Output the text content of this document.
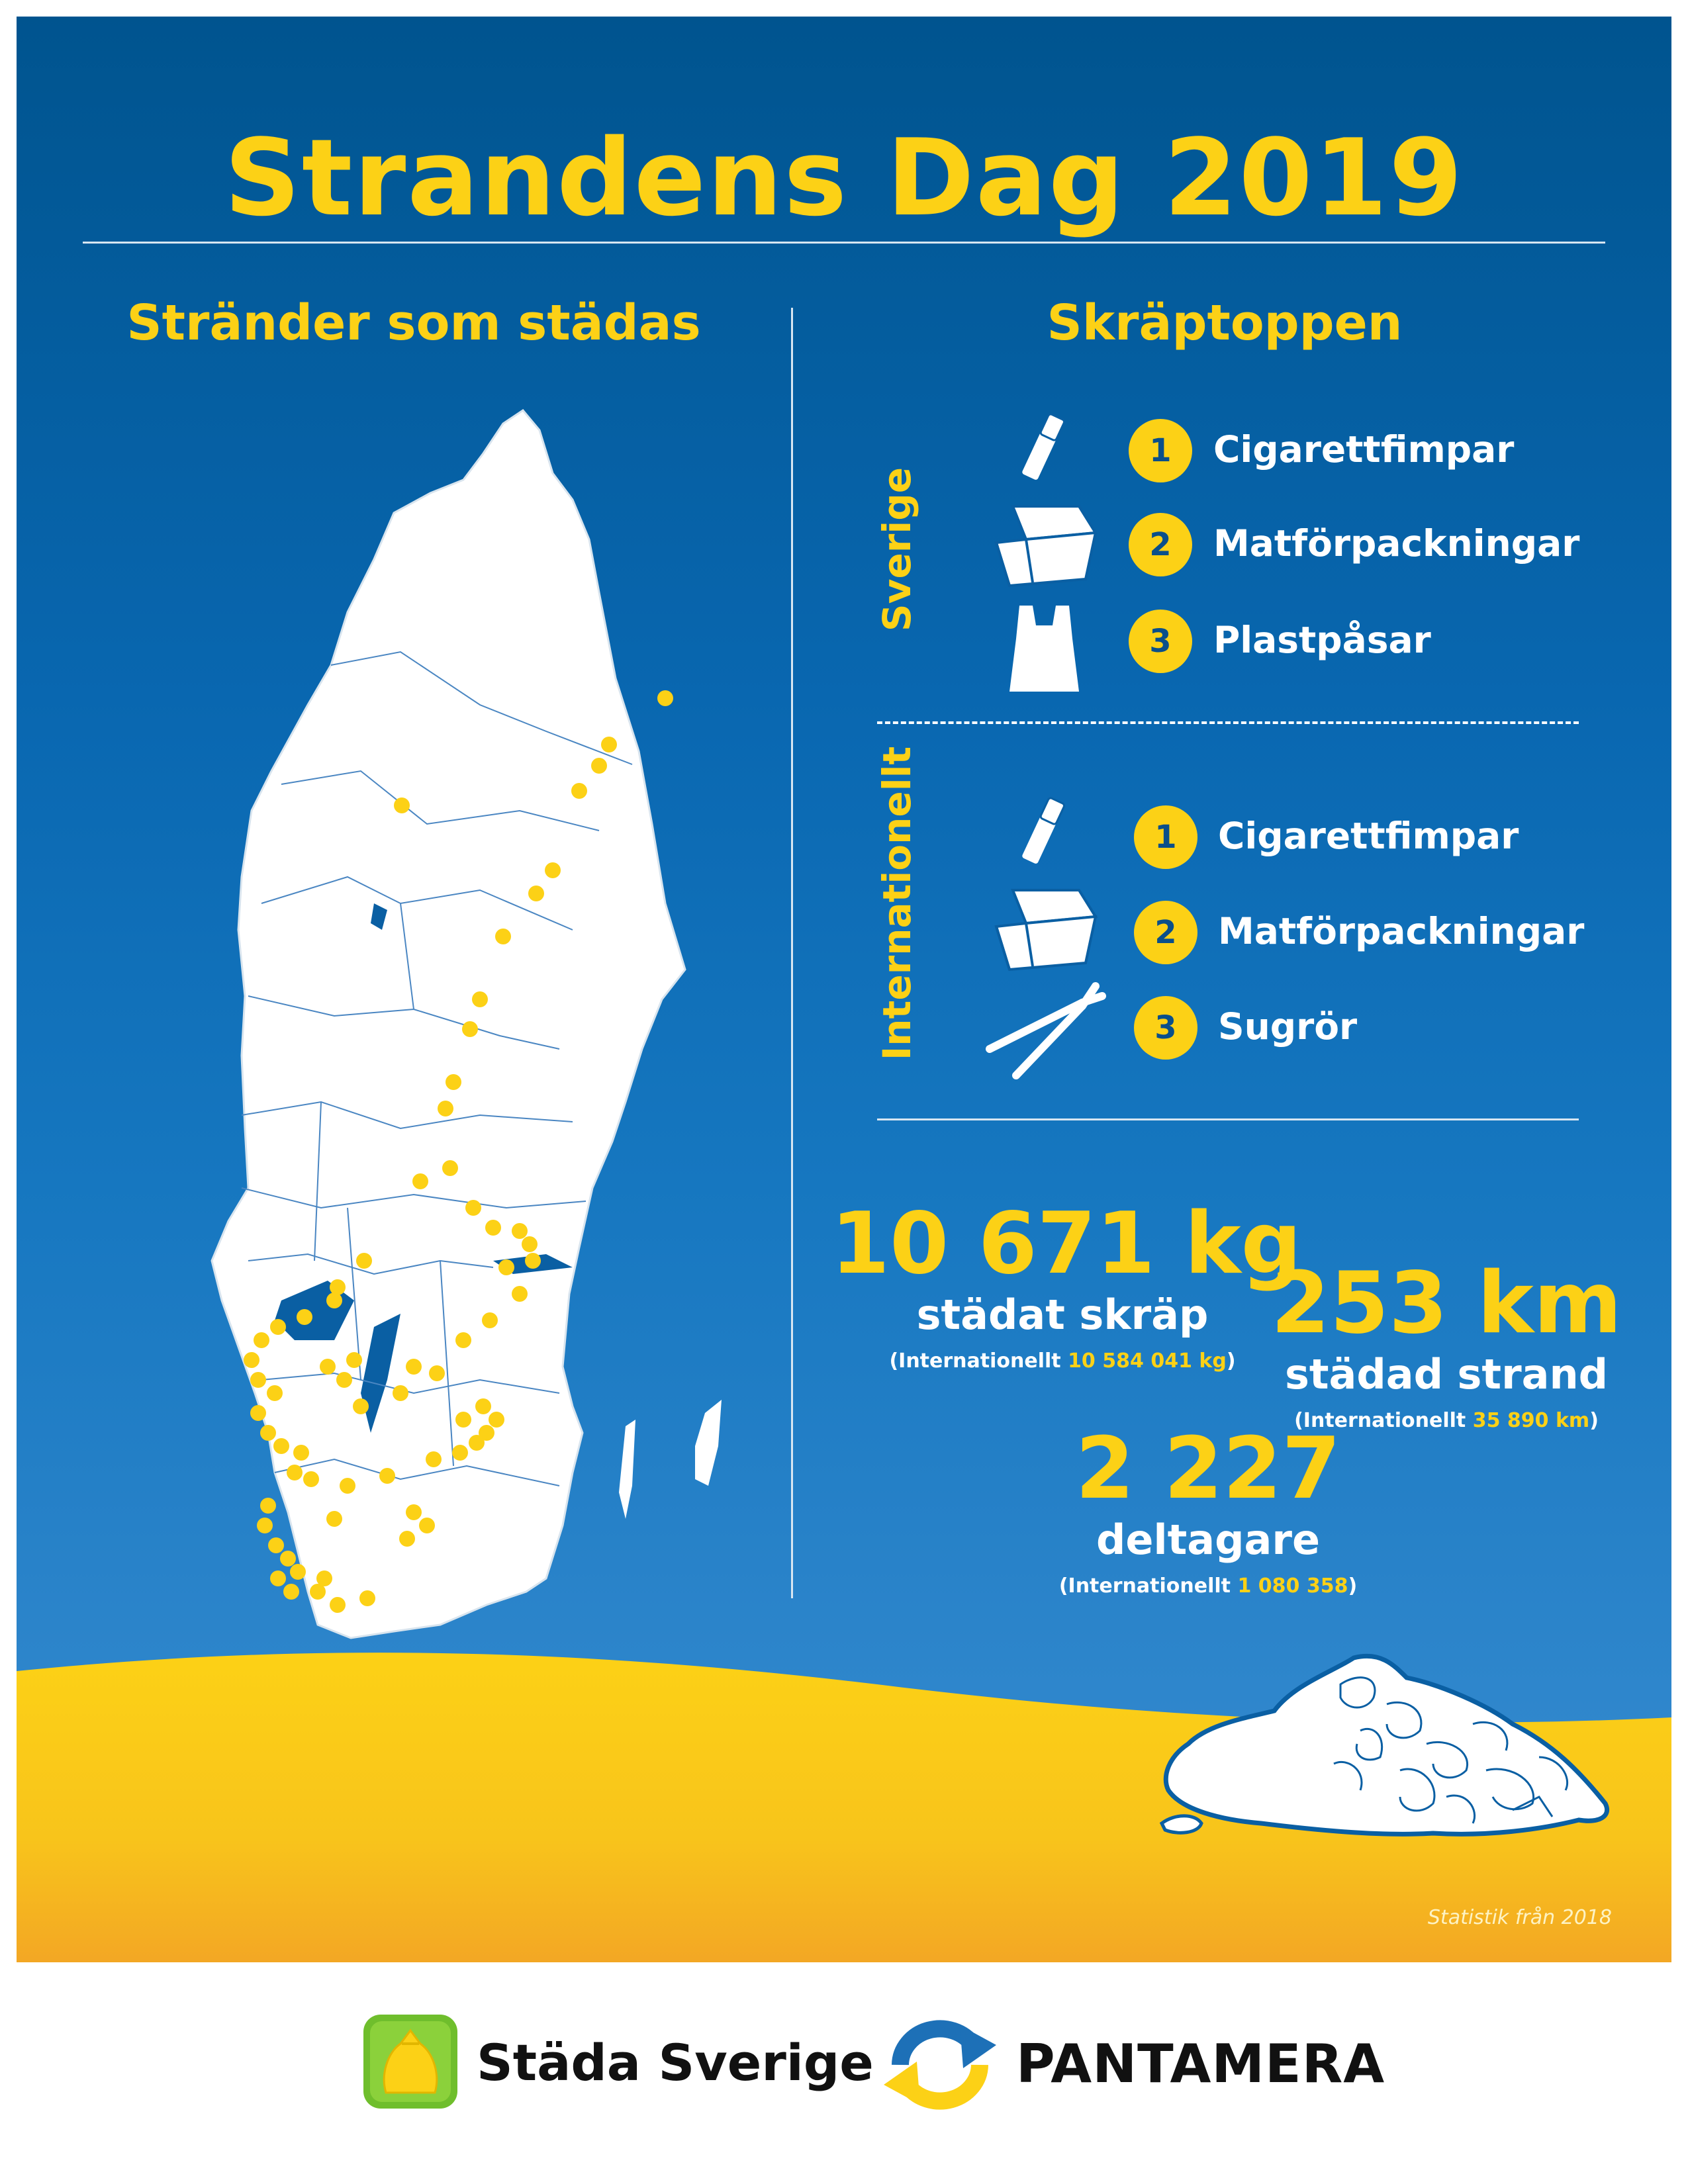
Strandens Dag 2019
Stränder som städas	Skräptoppen
Sverige
1	Cigarettfimpar
2	Matförpackningar
3	Plastpåsar
Internationellt	1	Cigarettfimpar
2	Matförpackningar
3	Sugrör
10 671 kg
städat skräp
(Internationellt 10 584 041 kg)
253 km
städad strand
(Internationellt 35 890 km)
2 227
deltagare
(Internationellt 1 080 358)
Statistik från 2018
Städa Sverige	PANTAMERA
